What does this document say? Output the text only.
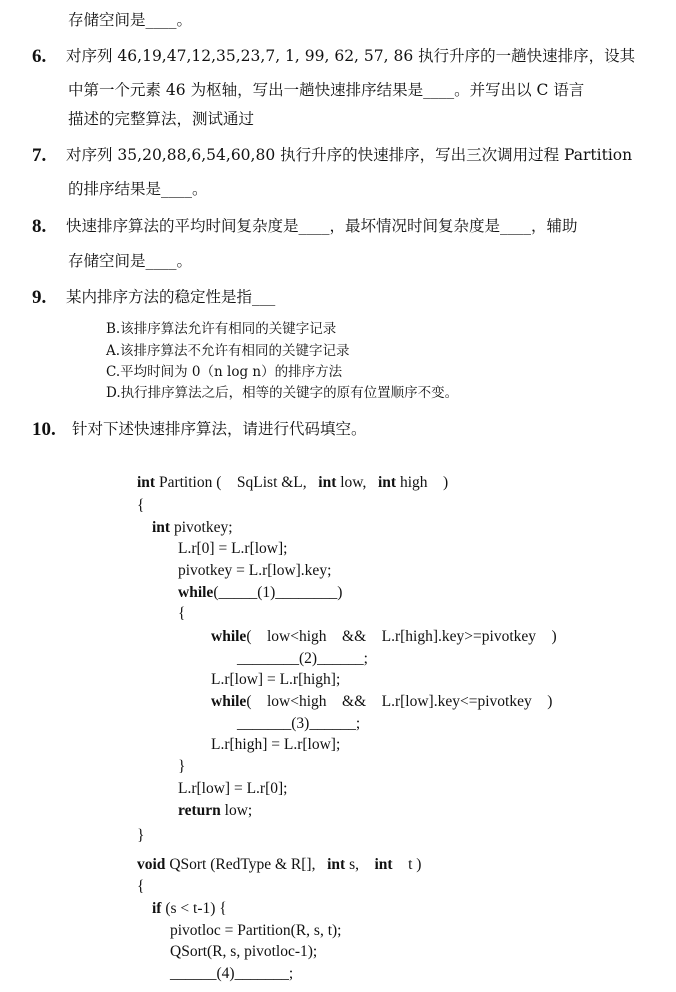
存储空间是____。
6. 对序列 46,19,47,12,35,23,7, 1, 99, 62, 57, 86 执行升序的一趟快速排序，设其
中第一个元素 46 为枢轴，写出一趟快速排序结果是____。并写出以 C 语言
描述的完整算法，测试通过
7. 对序列 35,20,88,6,54,60,80 执行升序的快速排序，写出三次调用过程 Partition
的排序结果是____。
8. 快速排序算法的平均时间复杂度是____，最坏情况时间复杂度是____，辅助
存储空间是____。
9. 某内排序方法的稳定性是指___
B.该排序算法允许有相同的关键字记录
A.该排序算法不允许有相同的关键字记录
C.平均时间为 0（n log n）的排序方法
D.执行排序算法之后，相等的关键字的原有位置顺序不变。
10. 针对下述快速排序算法，请进行代码填空。
int Partition (    SqList &L,   int low,   int high    )
{
int pivotkey;
L.r[0] = L.r[low];
pivotkey = L.r[low].key;
while(_____(1)________)
{
while(    low<high    &&    L.r[high].key>=pivotkey    )
________(2)______;
L.r[low] = L.r[high];
while(    low<high    &&    L.r[low].key<=pivotkey    )
_______(3)______;
L.r[high] = L.r[low];
}
L.r[low] = L.r[0];
return low;
}
void QSort (RedType & R[],   int s,    int    t )
{
if (s < t-1) {
pivotloc = Partition(R, s, t);
QSort(R, s, pivotloc-1);
______(4)_______;
